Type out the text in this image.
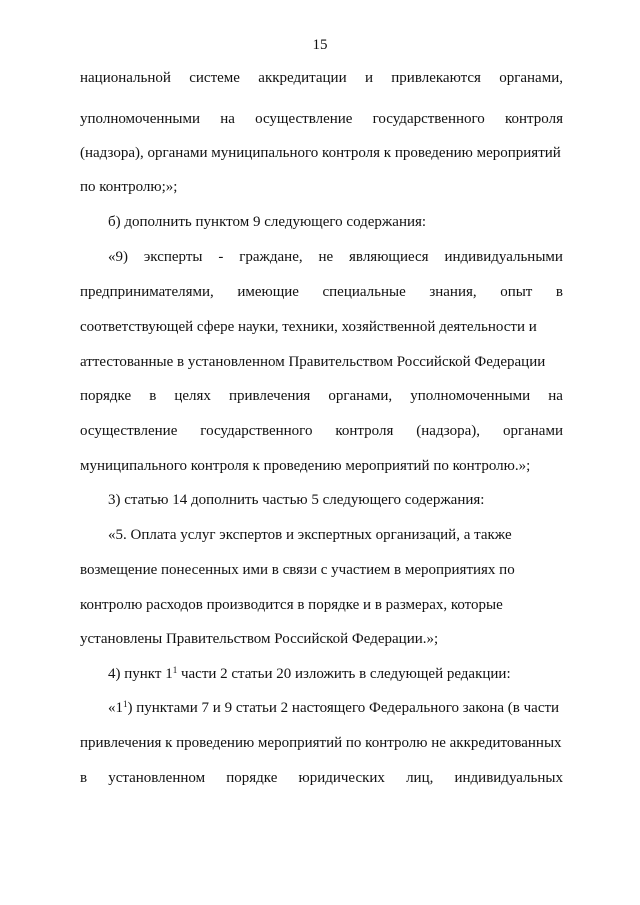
15
национальной системе аккредитации и привлекаются органами,
уполномоченными на осуществление государственного контроля
(надзора), органами муниципального контроля к проведению мероприятий
по контролю;»;
б) дополнить пунктом 9 следующего содержания:
«9) эксперты - граждане, не являющиеся индивидуальными
предпринимателями, имеющие специальные знания, опыт в
соответствующей сфере науки, техники, хозяйственной деятельности и
аттестованные в установленном Правительством Российской Федерации
порядке в целях привлечения органами, уполномоченными на
осуществление государственного контроля (надзора), органами
муниципального контроля к проведению мероприятий по контролю.»;
3) статью 14 дополнить частью 5 следующего содержания:
«5. Оплата услуг экспертов и экспертных организаций, а также
возмещение понесенных ими в связи с участием в мероприятиях по
контролю расходов производится в порядке и в размерах, которые
установлены Правительством Российской Федерации.»;
4) пункт $1^1$ части 2 статьи 20 изложить в следующей редакции:
«$1^1$) пунктами 7 и 9 статьи 2 настоящего Федерального закона (в части
привлечения к проведению мероприятий по контролю не аккредитованных
в установленном порядке юридических лиц, индивидуальных
